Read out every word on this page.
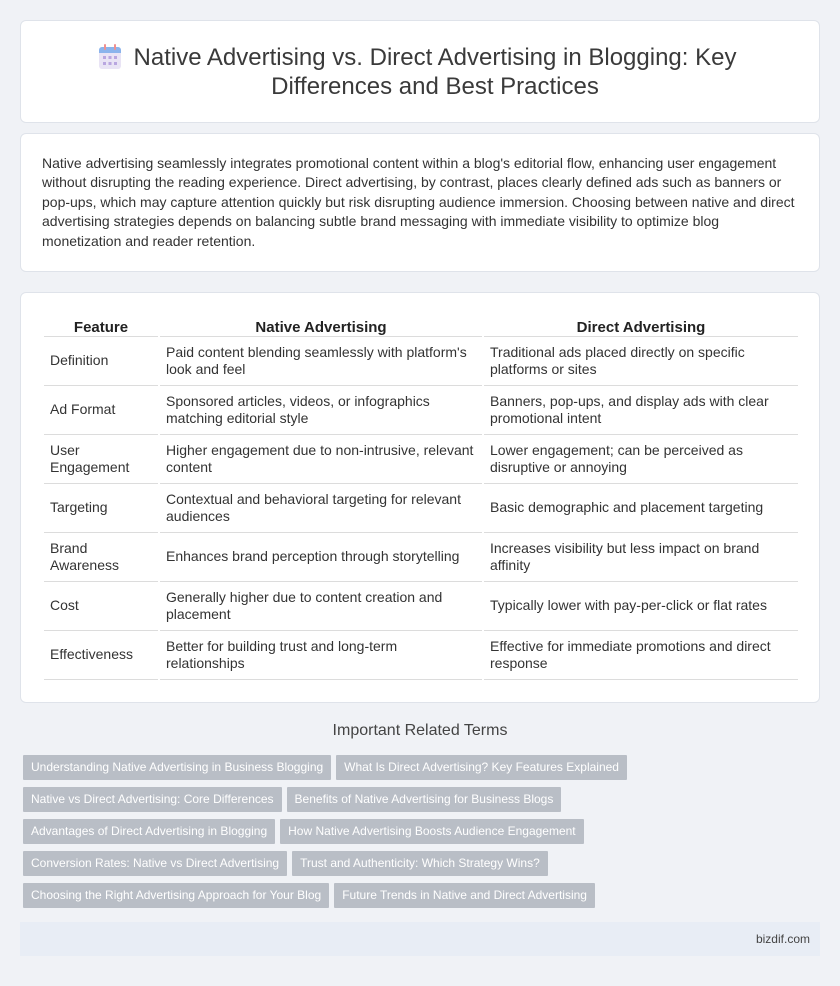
Native Advertising vs. Direct Advertising in Blogging: Key Differences and Best Practices

Native advertising seamlessly integrates promotional content within a blog's editorial flow, enhancing user engagement without disrupting the reading experience. Direct advertising, by contrast, places clearly defined ads such as banners or pop-ups, which may capture attention quickly but risk disrupting audience immersion. Choosing between native and direct advertising strategies depends on balancing subtle brand messaging with immediate visibility to optimize blog monetization and reader retention.

Feature	Native Advertising	Direct Advertising
Definition	Paid content blending seamlessly with platform's look and feel	Traditional ads placed directly on specific platforms or sites
Ad Format	Sponsored articles, videos, or infographics matching editorial style	Banners, pop-ups, and display ads with clear promotional intent
User Engagement	Higher engagement due to non-intrusive, relevant content	Lower engagement; can be perceived as disruptive or annoying
Targeting	Contextual and behavioral targeting for relevant audiences	Basic demographic and placement targeting
Brand Awareness	Enhances brand perception through storytelling	Increases visibility but less impact on brand affinity
Cost	Generally higher due to content creation and placement	Typically lower with pay-per-click or flat rates
Effectiveness	Better for building trust and long-term relationships	Effective for immediate promotions and direct response
Important Related Terms
Understanding Native Advertising in Business Blogging What Is Direct Advertising? Key Features Explained
Native vs Direct Advertising: Core Differences Benefits of Native Advertising for Business Blogs
Advantages of Direct Advertising in Blogging How Native Advertising Boosts Audience Engagement
Conversion Rates: Native vs Direct Advertising Trust and Authenticity: Which Strategy Wins?
Choosing the Right Advertising Approach for Your Blog Future Trends in Native and Direct Advertising
bizdif.com
